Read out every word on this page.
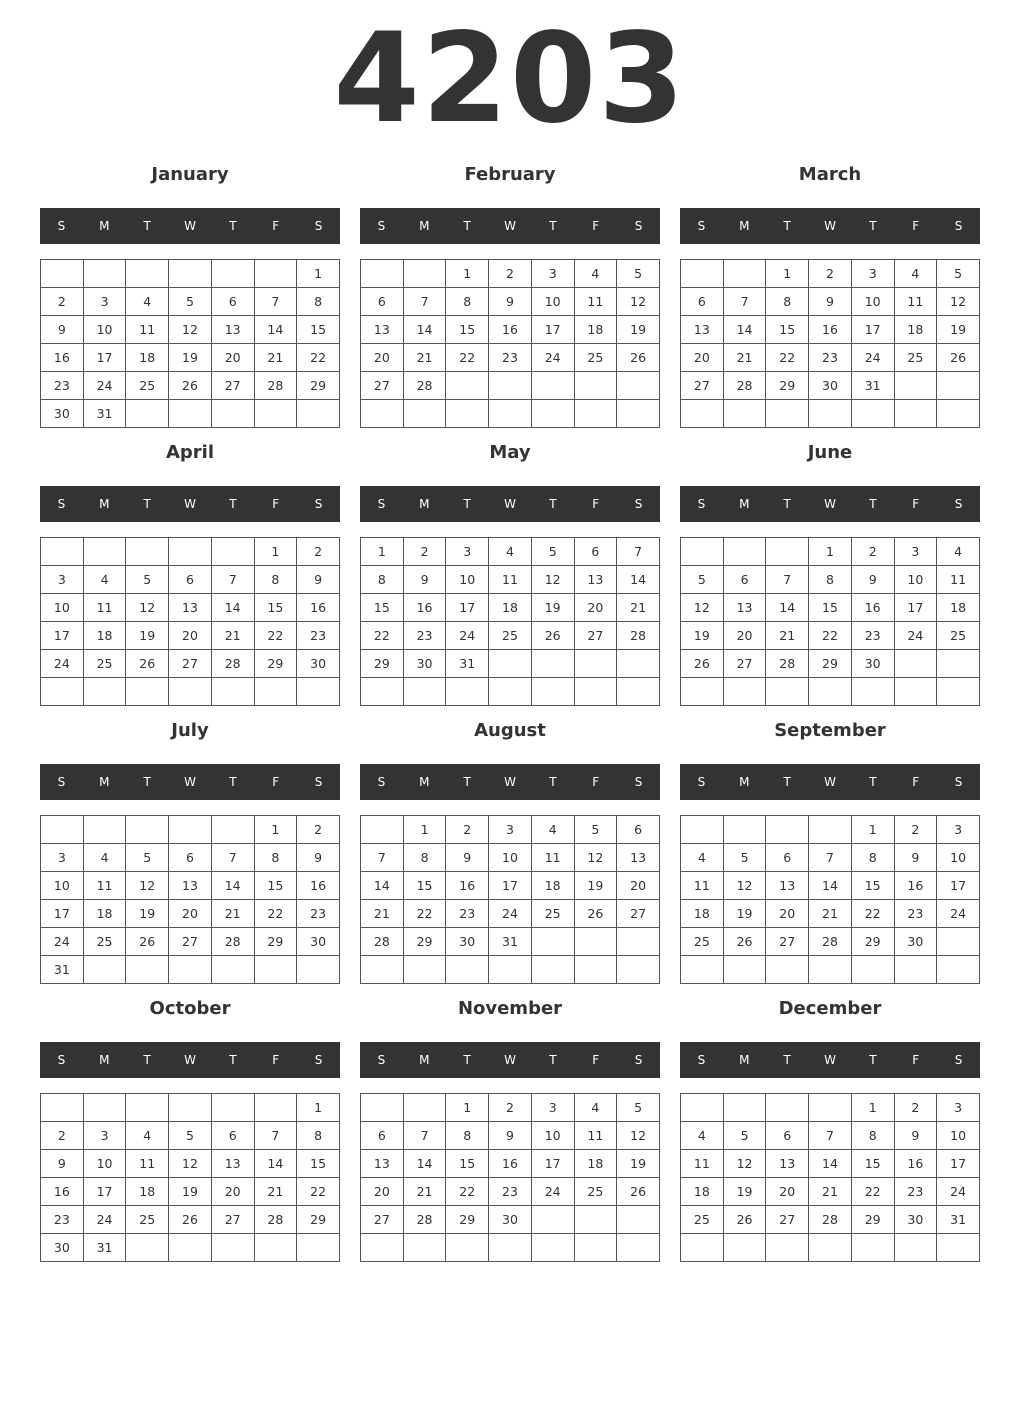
4203
January
S	M	T	W	T	F	S
						1
2	3	4	5	6	7	8
9	10	11	12	13	14	15
16	17	18	19	20	21	22
23	24	25	26	27	28	29
30	31					
February
S	M	T	W	T	F	S
		1	2	3	4	5
6	7	8	9	10	11	12
13	14	15	16	17	18	19
20	21	22	23	24	25	26
27	28					

March
S	M	T	W	T	F	S
		1	2	3	4	5
6	7	8	9	10	11	12
13	14	15	16	17	18	19
20	21	22	23	24	25	26
27	28	29	30	31		

April
S	M	T	W	T	F	S
					1	2
3	4	5	6	7	8	9
10	11	12	13	14	15	16
17	18	19	20	21	22	23
24	25	26	27	28	29	30

May
S	M	T	W	T	F	S
1	2	3	4	5	6	7
8	9	10	11	12	13	14
15	16	17	18	19	20	21
22	23	24	25	26	27	28
29	30	31				

June
S	M	T	W	T	F	S
			1	2	3	4
5	6	7	8	9	10	11
12	13	14	15	16	17	18
19	20	21	22	23	24	25
26	27	28	29	30		

July
S	M	T	W	T	F	S
					1	2
3	4	5	6	7	8	9
10	11	12	13	14	15	16
17	18	19	20	21	22	23
24	25	26	27	28	29	30
31						
August
S	M	T	W	T	F	S
	1	2	3	4	5	6
7	8	9	10	11	12	13
14	15	16	17	18	19	20
21	22	23	24	25	26	27
28	29	30	31			

September
S	M	T	W	T	F	S
				1	2	3
4	5	6	7	8	9	10
11	12	13	14	15	16	17
18	19	20	21	22	23	24
25	26	27	28	29	30	

October
S	M	T	W	T	F	S
						1
2	3	4	5	6	7	8
9	10	11	12	13	14	15
16	17	18	19	20	21	22
23	24	25	26	27	28	29
30	31					
November
S	M	T	W	T	F	S
		1	2	3	4	5
6	7	8	9	10	11	12
13	14	15	16	17	18	19
20	21	22	23	24	25	26
27	28	29	30			

December
S	M	T	W	T	F	S
				1	2	3
4	5	6	7	8	9	10
11	12	13	14	15	16	17
18	19	20	21	22	23	24
25	26	27	28	29	30	31
